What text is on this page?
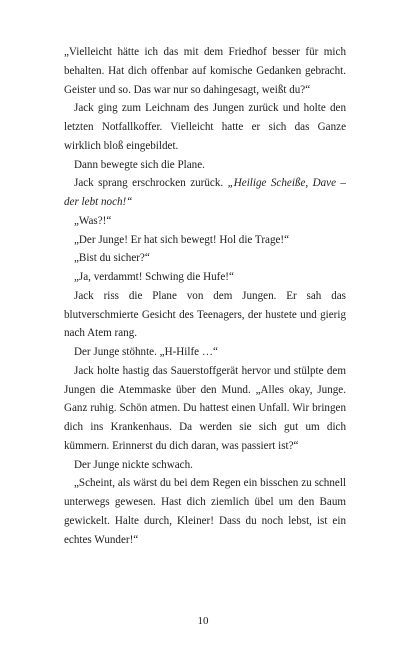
„Vielleicht hätte ich das mit dem Friedhof besser für mich behalten. Hat dich offenbar auf komische Gedanken gebracht. Geister und so. Das war nur so dahingesagt, weißt du?“

Jack ging zum Leichnam des Jungen zurück und holte den letzten Notfallkoffer. Vielleicht hatte er sich das Ganze wirklich bloß eingebildet.

Dann bewegte sich die Plane.

Jack sprang erschrocken zurück. „Heilige Scheiße, Dave – der lebt noch!“

„Was?!“

„Der Junge! Er hat sich bewegt! Hol die Trage!“

„Bist du sicher?“

„Ja, verdammt! Schwing die Hufe!“

Jack riss die Plane von dem Jungen. Er sah das blutverschmierte Gesicht des Teenagers, der hustete und gierig nach Atem rang.

Der Junge stöhnte. „H-Hilfe …“

Jack holte hastig das Sauerstoffgerät hervor und stülpte dem Jungen die Atemmaske über den Mund. „Alles okay, Junge. Ganz ruhig. Schön atmen. Du hattest einen Unfall. Wir bringen dich ins Krankenhaus. Da werden sie sich gut um dich kümmern. Erinnerst du dich daran, was passiert ist?“

Der Junge nickte schwach.

„Scheint, als wärst du bei dem Regen ein bisschen zu schnell unterwegs gewesen. Hast dich ziemlich übel um den Baum gewickelt. Halte durch, Kleiner! Dass du noch lebst, ist ein echtes Wunder!“

10
